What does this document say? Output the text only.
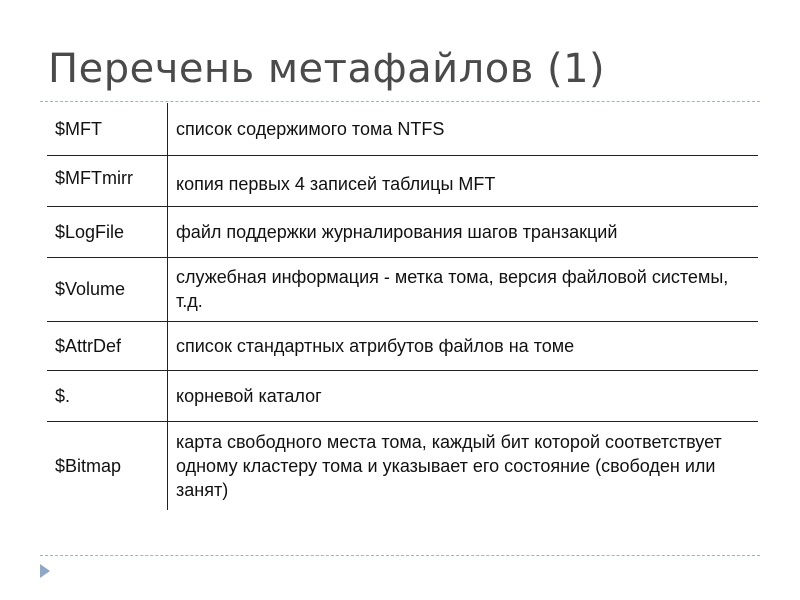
Перечень метафайлов (1)
$MFT	список содержимого тома NTFS
$MFTmirr	копия первых 4 записей таблицы MFT
$LogFile	файл поддержки журналирования шагов транзакций
$Volume	служебная информация - метка тома, версия файловой системы, т.д.
$AttrDef	список стандартных атрибутов файлов на томе
$.	корневой каталог
$Bitmap	карта свободного места тома, каждый бит которой соответствует одному кластеру тома и указывает его состояние (свободен или занят)
